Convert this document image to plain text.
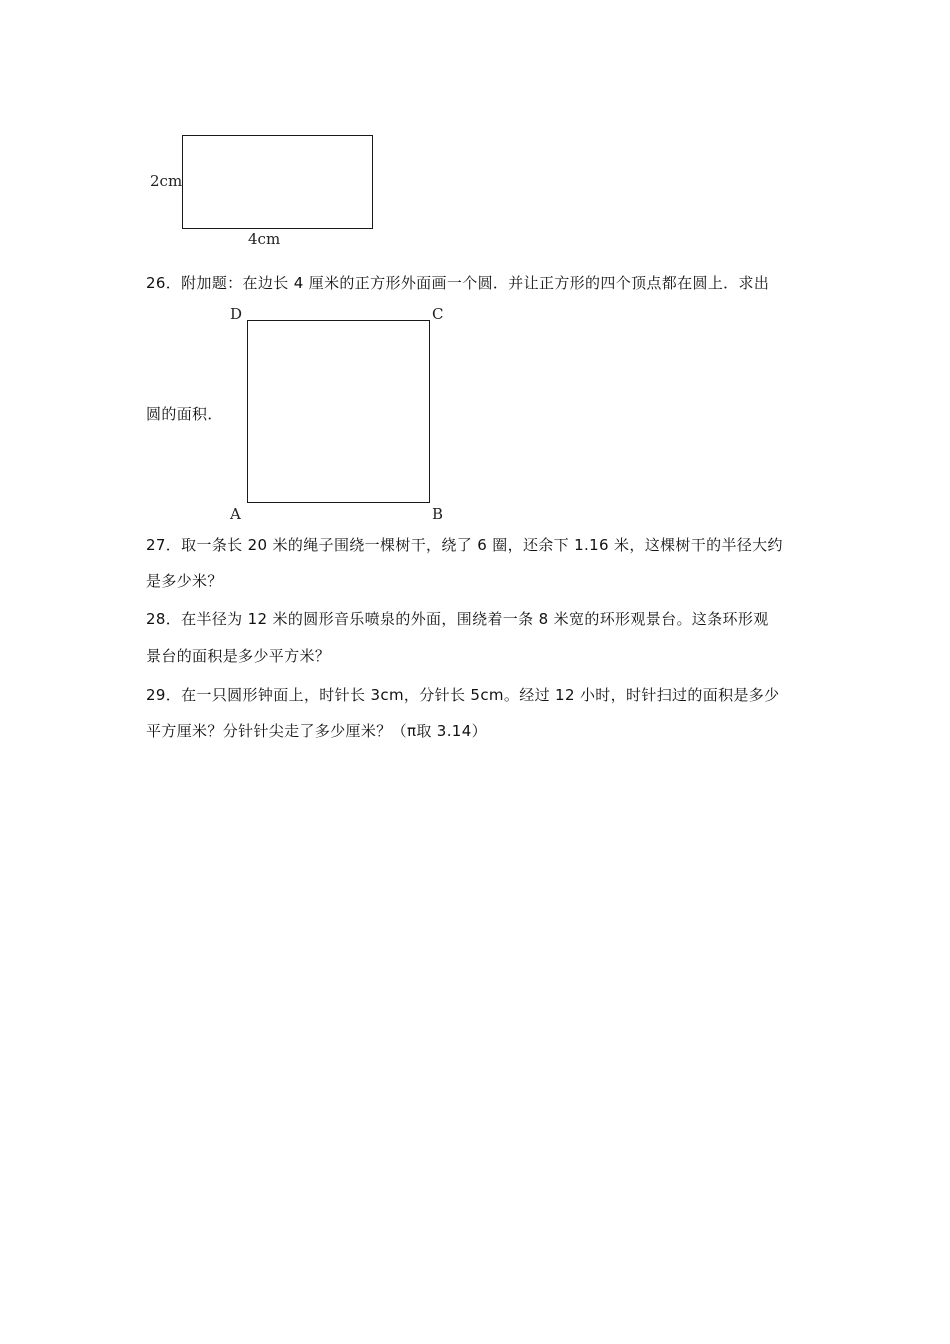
2cm
4cm
26．附加题：在边长 4 厘米的正方形外面画一个圆．并让正方形的四个顶点都在圆上．求出
D	C
A	B
圆的面积．
27．取一条长 20 米的绳子围绕一棵树干，绕了 6 圈，还余下 1.16 米，这棵树干的半径大约
是多少米？
28．在半径为 12 米的圆形音乐喷泉的外面，围绕着一条 8 米宽的环形观景台。这条环形观
景台的面积是多少平方米？
29．在一只圆形钟面上，时针长 3cm，分针长 5cm。经过 12 小时，时针扫过的面积是多少
平方厘米？分针针尖走了多少厘米？（π取 3.14）
